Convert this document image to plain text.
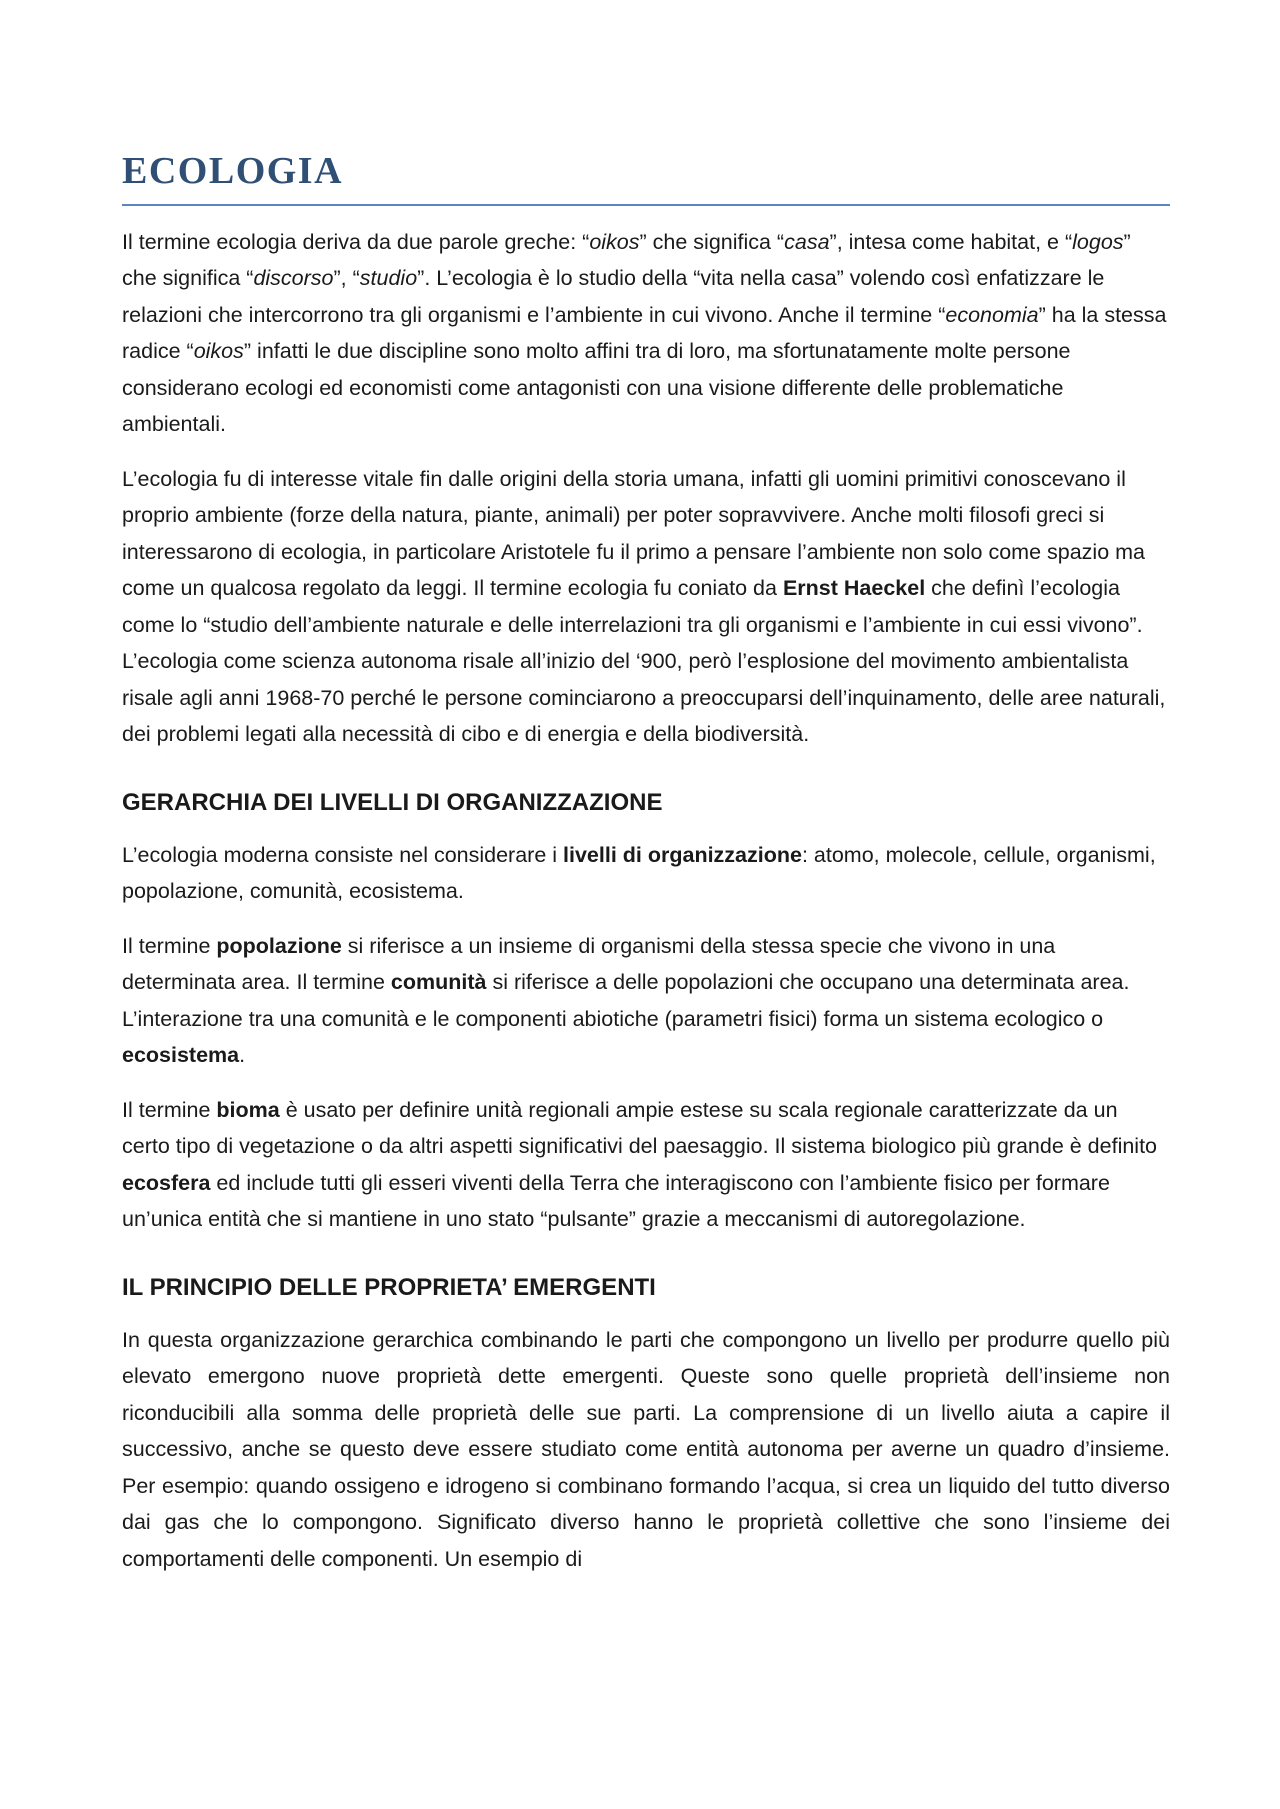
ECOLOGIA

Il termine ecologia deriva da due parole greche: “oikos” che significa “casa”, intesa come habitat, e “logos” che significa “discorso”, “studio”. L’ecologia è lo studio della “vita nella casa” volendo così enfatizzare le relazioni che intercorrono tra gli organismi e l’ambiente in cui vivono. Anche il termine “economia” ha la stessa radice “oikos” infatti le due discipline sono molto affini tra di loro, ma sfortunatamente molte persone considerano ecologi ed economisti come antagonisti con una visione differente delle problematiche ambientali.

L’ecologia fu di interesse vitale fin dalle origini della storia umana, infatti gli uomini primitivi conoscevano il proprio ambiente (forze della natura, piante, animali) per poter sopravvivere. Anche molti filosofi greci si interessarono di ecologia, in particolare Aristotele fu il primo a pensare l’ambiente non solo come spazio ma come un qualcosa regolato da leggi. Il termine ecologia fu coniato da Ernst Haeckel che definì l’ecologia come lo “studio dell’ambiente naturale e delle interrelazioni tra gli organismi e l’ambiente in cui essi vivono”. L’ecologia come scienza autonoma risale all’inizio del ‘900, però l’esplosione del movimento ambientalista risale agli anni 1968-70 perché le persone cominciarono a preoccuparsi dell’inquinamento, delle aree naturali, dei problemi legati alla necessità di cibo e di energia e della biodiversità.

GERARCHIA DEI LIVELLI DI ORGANIZZAZIONE

L’ecologia moderna consiste nel considerare i livelli di organizzazione: atomo, molecole, cellule, organismi, popolazione, comunità, ecosistema.

Il termine popolazione si riferisce a un insieme di organismi della stessa specie che vivono in una determinata area. Il termine comunità si riferisce a delle popolazioni che occupano una determinata area. L’interazione tra una comunità e le componenti abiotiche (parametri fisici) forma un sistema ecologico o ecosistema.

Il termine bioma è usato per definire unità regionali ampie estese su scala regionale caratterizzate da un certo tipo di vegetazione o da altri aspetti significativi del paesaggio. Il sistema biologico più grande è definito ecosfera ed include tutti gli esseri viventi della Terra che interagiscono con l’ambiente fisico per formare un’unica entità che si mantiene in uno stato “pulsante” grazie a meccanismi di autoregolazione.

IL PRINCIPIO DELLE PROPRIETA’ EMERGENTI

In questa organizzazione gerarchica combinando le parti che compongono un livello per produrre quello più elevato emergono nuove proprietà dette emergenti. Queste sono quelle proprietà dell’insieme non riconducibili alla somma delle proprietà delle sue parti. La comprensione di un livello aiuta a capire il successivo, anche se questo deve essere studiato come entità autonoma per averne un quadro d’insieme. Per esempio: quando ossigeno e idrogeno si combinano formando l’acqua, si crea un liquido del tutto diverso dai gas che lo compongono. Significato diverso hanno le proprietà collettive che sono l’insieme dei comportamenti delle componenti. Un esempio di
